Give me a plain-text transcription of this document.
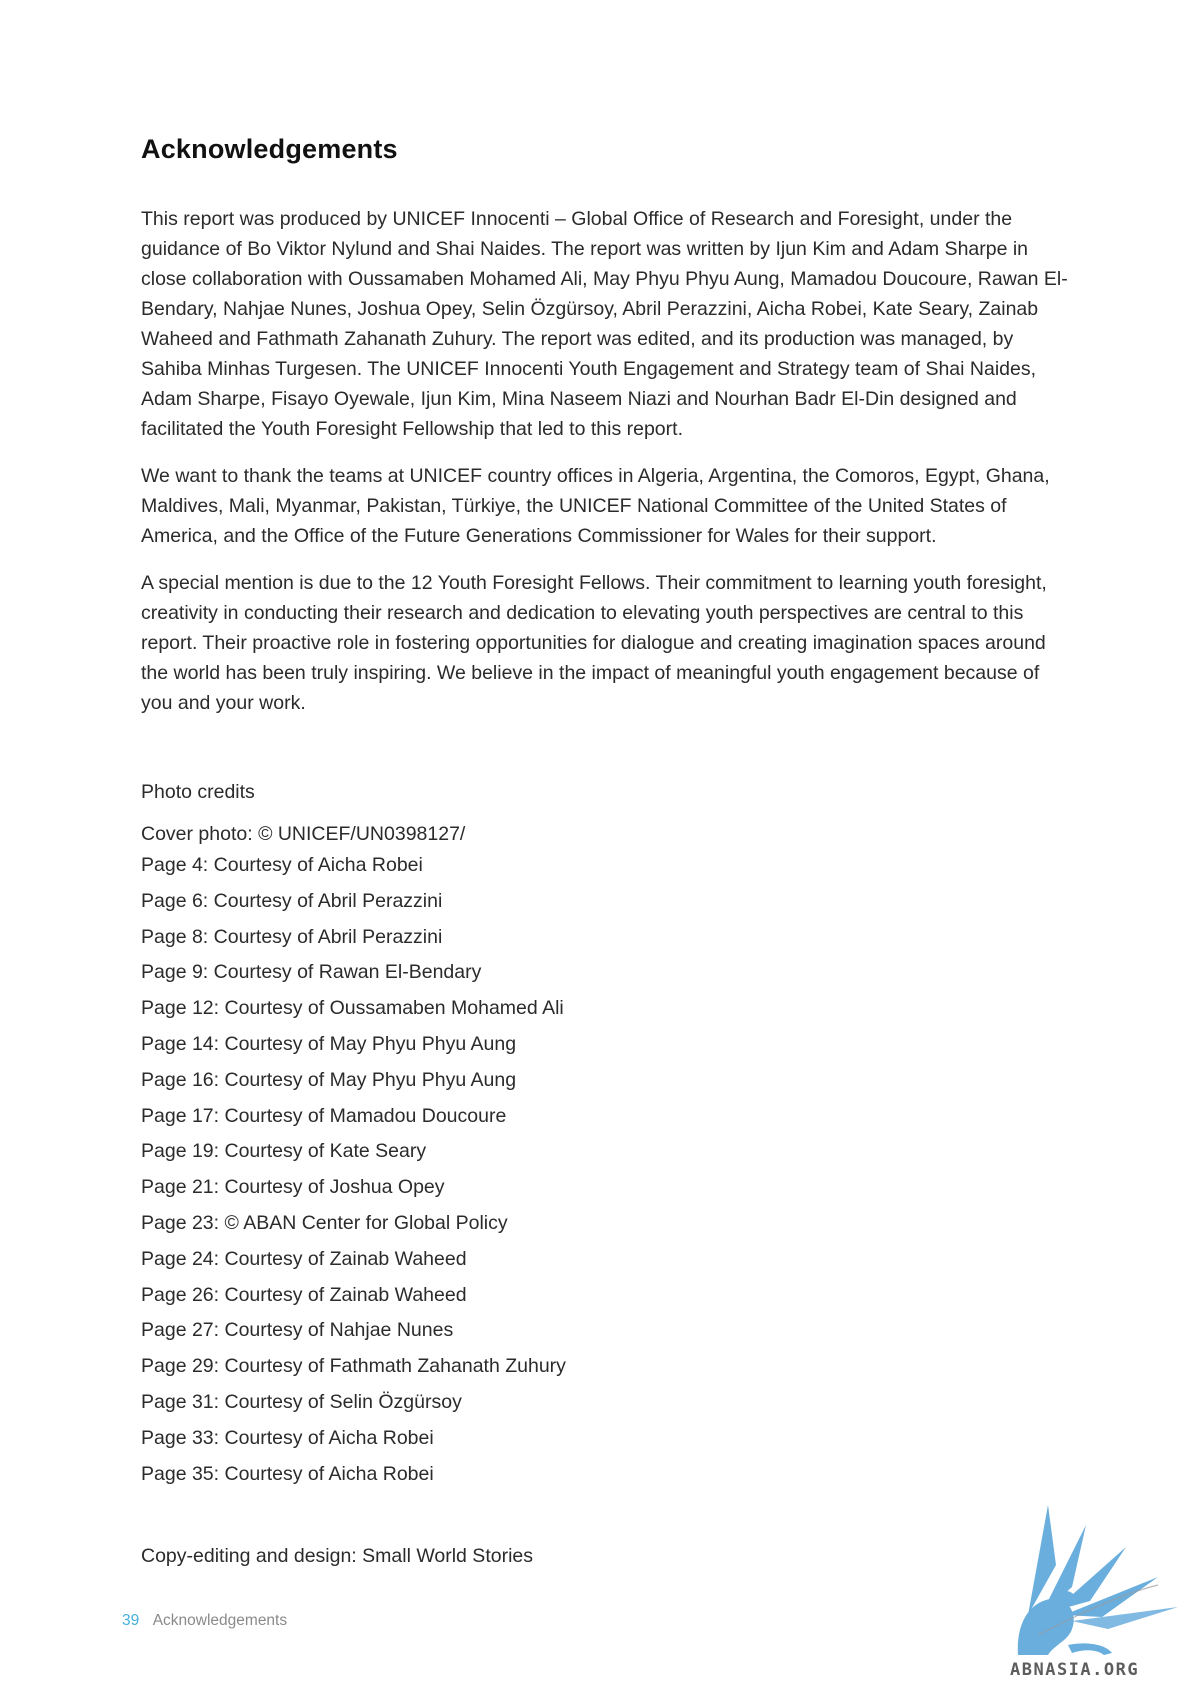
Acknowledgements

This report was produced by UNICEF Innocenti – Global Office of Research and Foresight, under the guidance of Bo Viktor Nylund and Shai Naides. The report was written by Ijun Kim and Adam Sharpe in close collaboration with Oussamaben Mohamed Ali, May Phyu Phyu Aung, Mamadou Doucoure, Rawan El-Bendary, Nahjae Nunes, Joshua Opey, Selin Özgürsoy, Abril Perazzini, Aicha Robei, Kate Seary, Zainab Waheed and Fathmath Zahanath Zuhury. The report was edited, and its production was managed, by Sahiba Minhas Turgesen. The UNICEF Innocenti Youth Engagement and Strategy team of Shai Naides, Adam Sharpe, Fisayo Oyewale, Ijun Kim, Mina Naseem Niazi and Nourhan Badr El-Din designed and facilitated the Youth Foresight Fellowship that led to this report.

We want to thank the teams at UNICEF country offices in Algeria, Argentina, the Comoros, Egypt, Ghana, Maldives, Mali, Myanmar, Pakistan, Türkiye, the UNICEF National Committee of the United States of America, and the Office of the Future Generations Commissioner for Wales for their support.

A special mention is due to the 12 Youth Foresight Fellows. Their commitment to learning youth foresight, creativity in conducting their research and dedication to elevating youth perspectives are central to this report. Their proactive role in fostering opportunities for dialogue and creating imagination spaces around the world has been truly inspiring. We believe in the impact of meaningful youth engagement because of you and your work.

Photo credits
Cover photo: © UNICEF/UN0398127/
Page 4: Courtesy of Aicha Robei
Page 6: Courtesy of Abril Perazzini
Page 8: Courtesy of Abril Perazzini
Page 9: Courtesy of Rawan El-Bendary
Page 12: Courtesy of Oussamaben Mohamed Ali
Page 14: Courtesy of May Phyu Phyu Aung
Page 16: Courtesy of May Phyu Phyu Aung
Page 17: Courtesy of Mamadou Doucoure
Page 19: Courtesy of Kate Seary
Page 21: Courtesy of Joshua Opey
Page 23: © ABAN Center for Global Policy
Page 24: Courtesy of Zainab Waheed
Page 26: Courtesy of Zainab Waheed
Page 27: Courtesy of Nahjae Nunes
Page 29: Courtesy of Fathmath Zahanath Zuhury
Page 31: Courtesy of Selin Özgürsoy
Page 33: Courtesy of Aicha Robei
Page 35: Courtesy of Aicha Robei
Copy-editing and design: Small World Stories
39 Acknowledgements
ABNASIA.ORG
